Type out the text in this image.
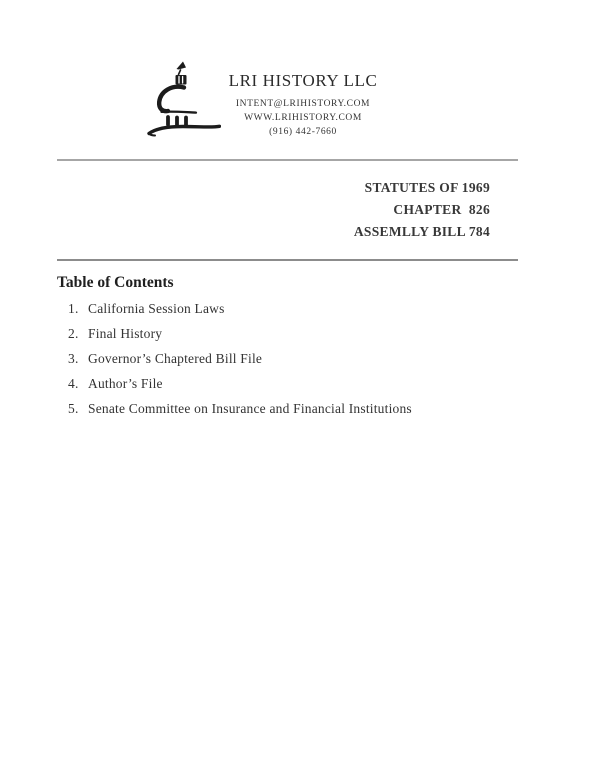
LRI HISTORY LLC
INTENT@LRIHISTORY.COM
WWW.LRIHISTORY.COM
(916) 442-7660
STATUTES OF 1969
CHAPTER  826
ASSEMLLY BILL 784
Table of Contents
1. California Session Laws
2. Final History
3. Governor’s Chaptered Bill File
4. Author’s File
5. Senate Committee on Insurance and Financial Institutions
